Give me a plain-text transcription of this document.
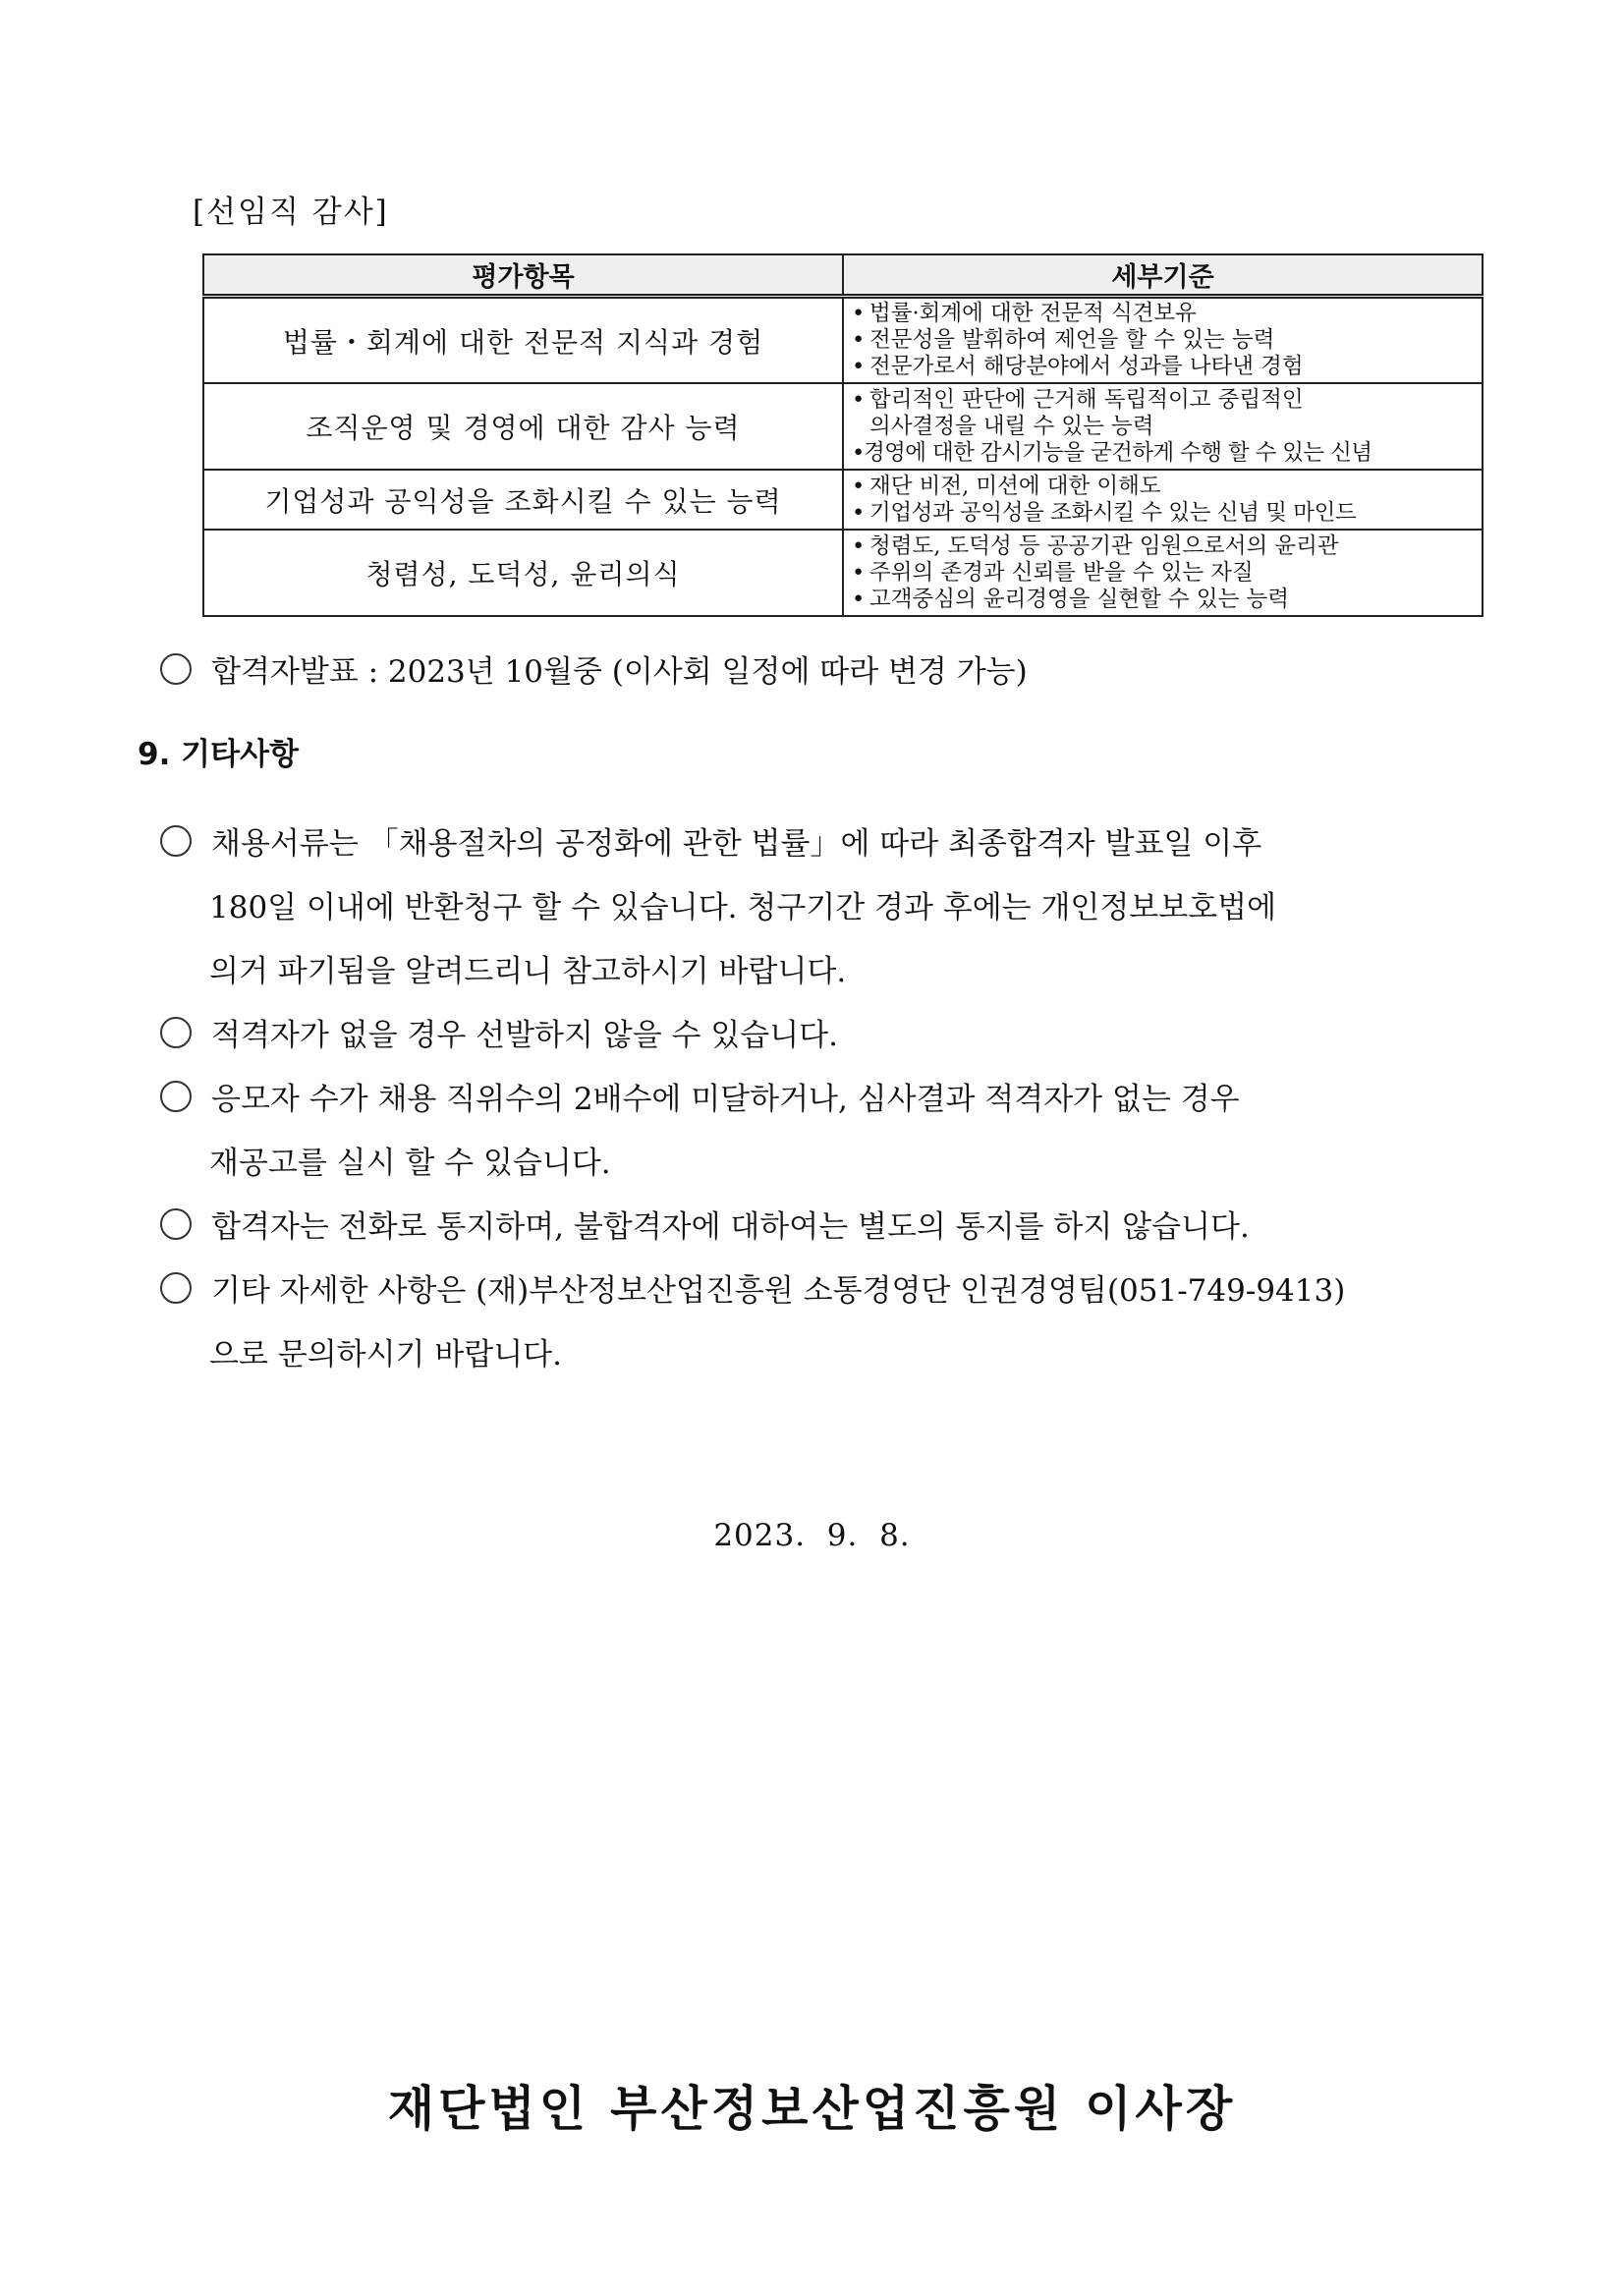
[선임직 감사]
평가항목	세부기준
법률・회계에 대한 전문적 지식과 경험	• 법률·회계에 대한 전문적 식견보유
• 전문성을 발휘하여 제언을 할 수 있는 능력
• 전문가로서 해당분야에서 성과를 나타낸 경험

조직운영 및 경영에 대한 감사 능력	• 합리적인 판단에 근거해 독립적이고 중립적인
의사결정을 내릴 수 있는 능력
•경영에 대한 감시기능을 굳건하게 수행 할 수 있는 신념

기업성과 공익성을 조화시킬 수 있는 능력	• 재단 비전, 미션에 대한 이해도
• 기업성과 공익성을 조화시킬 수 있는 신념 및 마인드

청렴성, 도덕성, 윤리의식	• 청렴도, 도덕성 등 공공기관 임원으로서의 윤리관
• 주위의 존경과 신뢰를 받을 수 있는 자질
• 고객중심의 윤리경영을 실현할 수 있는 능력
합격자발표 : 2023년 10월중 (이사회 일정에 따라 변경 가능)
9. 기타사항
채용서류는 「채용절차의 공정화에 관한 법률」에 따라 최종합격자 발표일 이후
180일 이내에 반환청구 할 수 있습니다. 청구기간 경과 후에는 개인정보보호법에
의거 파기됨을 알려드리니 참고하시기 바랍니다.
적격자가 없을 경우 선발하지 않을 수 있습니다.
응모자 수가 채용 직위수의 2배수에 미달하거나, 심사결과 적격자가 없는 경우
재공고를 실시 할 수 있습니다.
합격자는 전화로 통지하며, 불합격자에 대하여는 별도의 통지를 하지 않습니다.
기타 자세한 사항은 (재)부산정보산업진흥원 소통경영단 인권경영팀(051-749-9413)
으로 문의하시기 바랍니다.
2023.  9.  8.
재단법인 부산정보산업진흥원 이사장
